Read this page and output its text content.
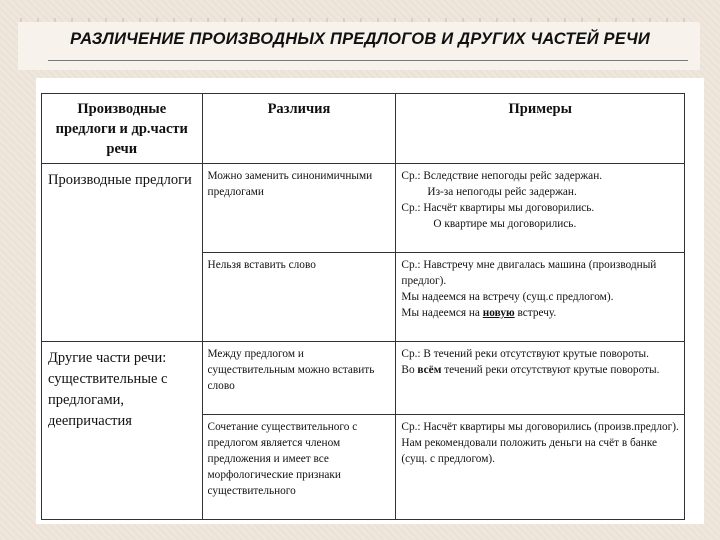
РАЗЛИЧЕНИЕ ПРОИЗВОДНЫХ ПРЕДЛОГОВ И ДРУГИХ ЧАСТЕЙ РЕЧИ
Производные предлоги и др.части речи	Различия	Примеры
Производные предлоги	Можно заменить синонимичными предлогами	Ср.: Вследствие непогоды рейс задержан.
Из-за непогоды рейс задержан.
Ср.: Насчёт квартиры мы договорились.
О квартире мы договорились.

	Нельзя вставить слово	Ср.: Навстречу мне двигалась машина (производный предлог).
Мы надеемся на встречу (сущ.с предлогом).
Мы надеемся на новую встречу.

Другие части речи: существительные с предлогами, деепричастия	Между предлогом и существительным можно вставить слово	Ср.: В течений реки отсутствуют крутые повороты.
Во всём течений реки отсутствуют крутые повороты.

	Сочетание существительного с предлогом является членом предложения и имеет все морфологические признаки существительного	Ср.: Насчёт квартиры мы договорились (произв.предлог).
Нам рекомендовали положить деньги на счёт в банке (сущ. с предлогом).
